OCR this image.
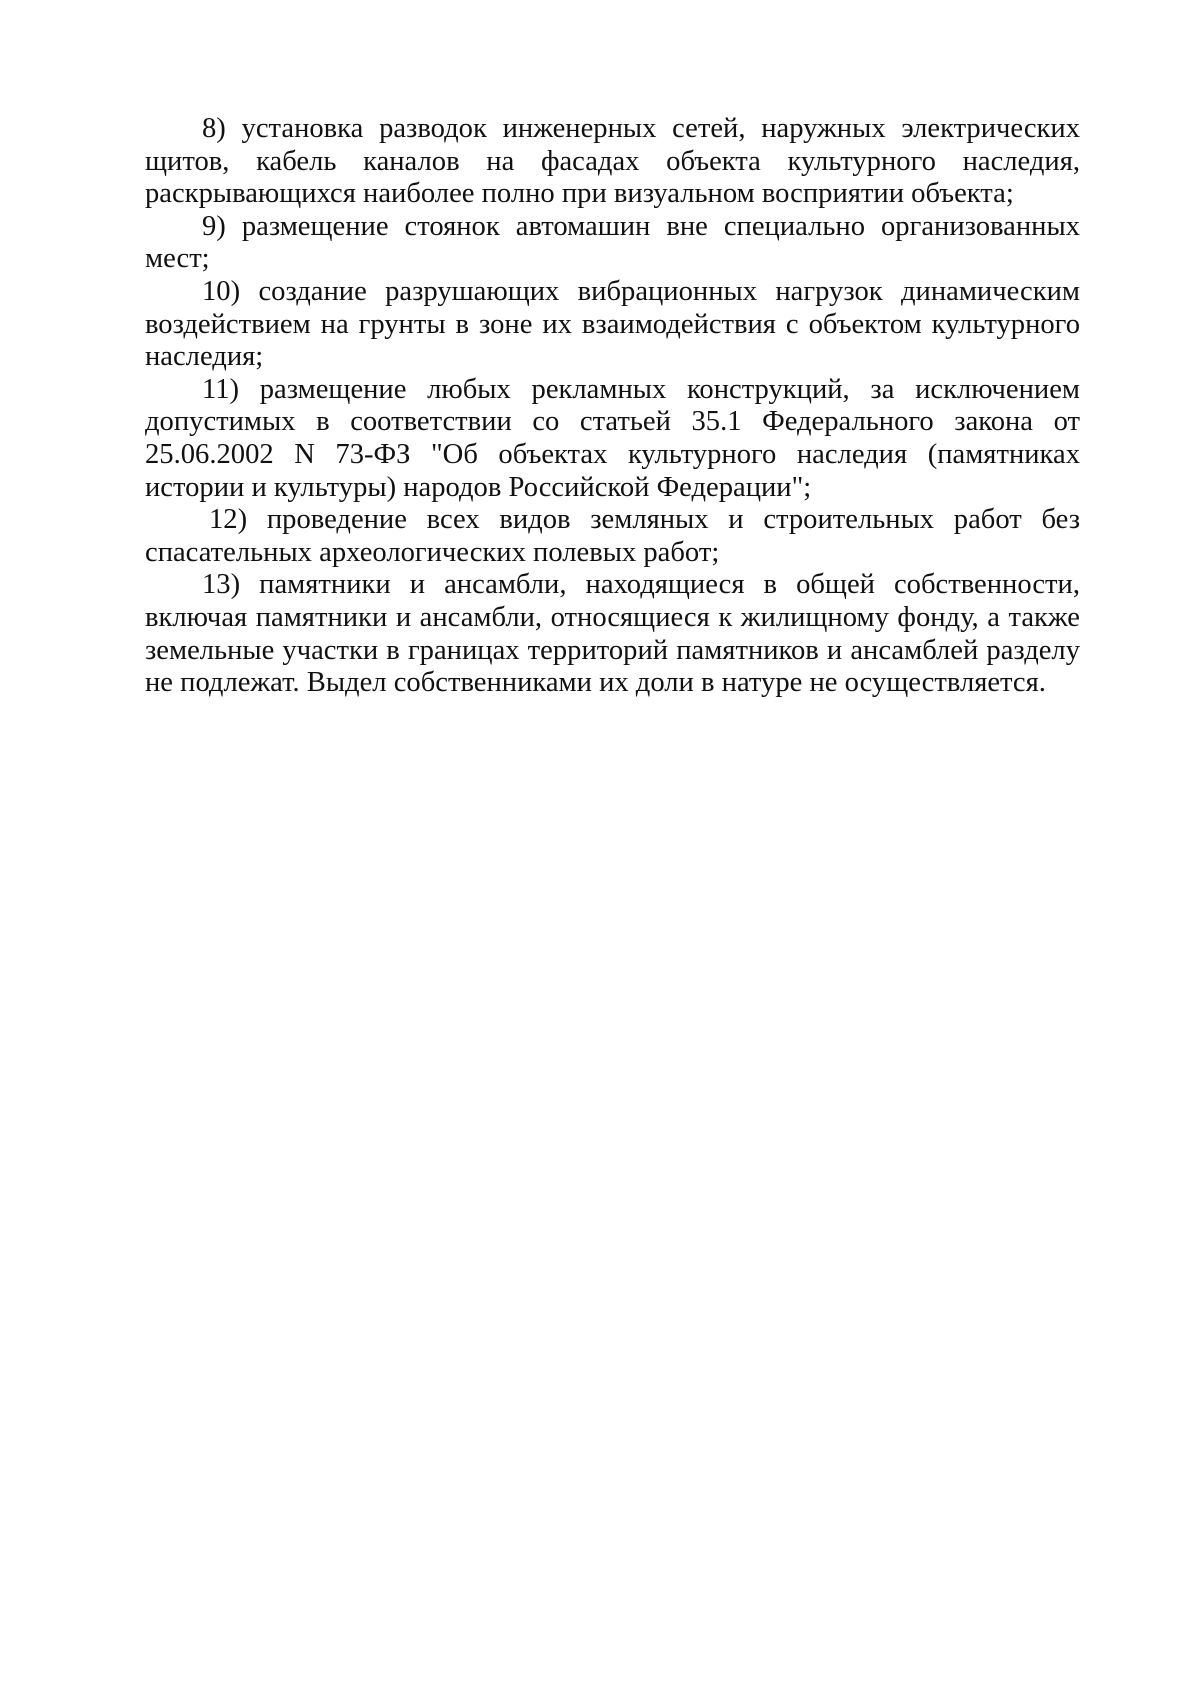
8) установка разводок инженерных сетей, наружных электрических щитов, кабель каналов на фасадах объекта культурного наследия, раскрывающихся наиболее полно при визуальном восприятии объекта;

9) размещение стоянок автомашин вне специально организованных мест;

10) создание разрушающих вибрационных нагрузок динамическим воздействием на грунты в зоне их взаимодействия с объектом культурного наследия;

11) размещение любых рекламных конструкций, за исключением допустимых в соответствии со статьей 35.1 Федерального закона от 25.06.2002 N 73-ФЗ "Об объектах культурного наследия (памятниках истории и культуры) народов Российской Федерации";

12) проведение всех видов земляных и строительных работ без спасательных археологических полевых работ;

13) памятники и ансамбли, находящиеся в общей собственности, включая памятники и ансамбли, относящиеся к жилищному фонду, а также земельные участки в границах территорий памятников и ансамблей разделу не подлежат. Выдел собственниками их доли в натуре не осуществляется.
